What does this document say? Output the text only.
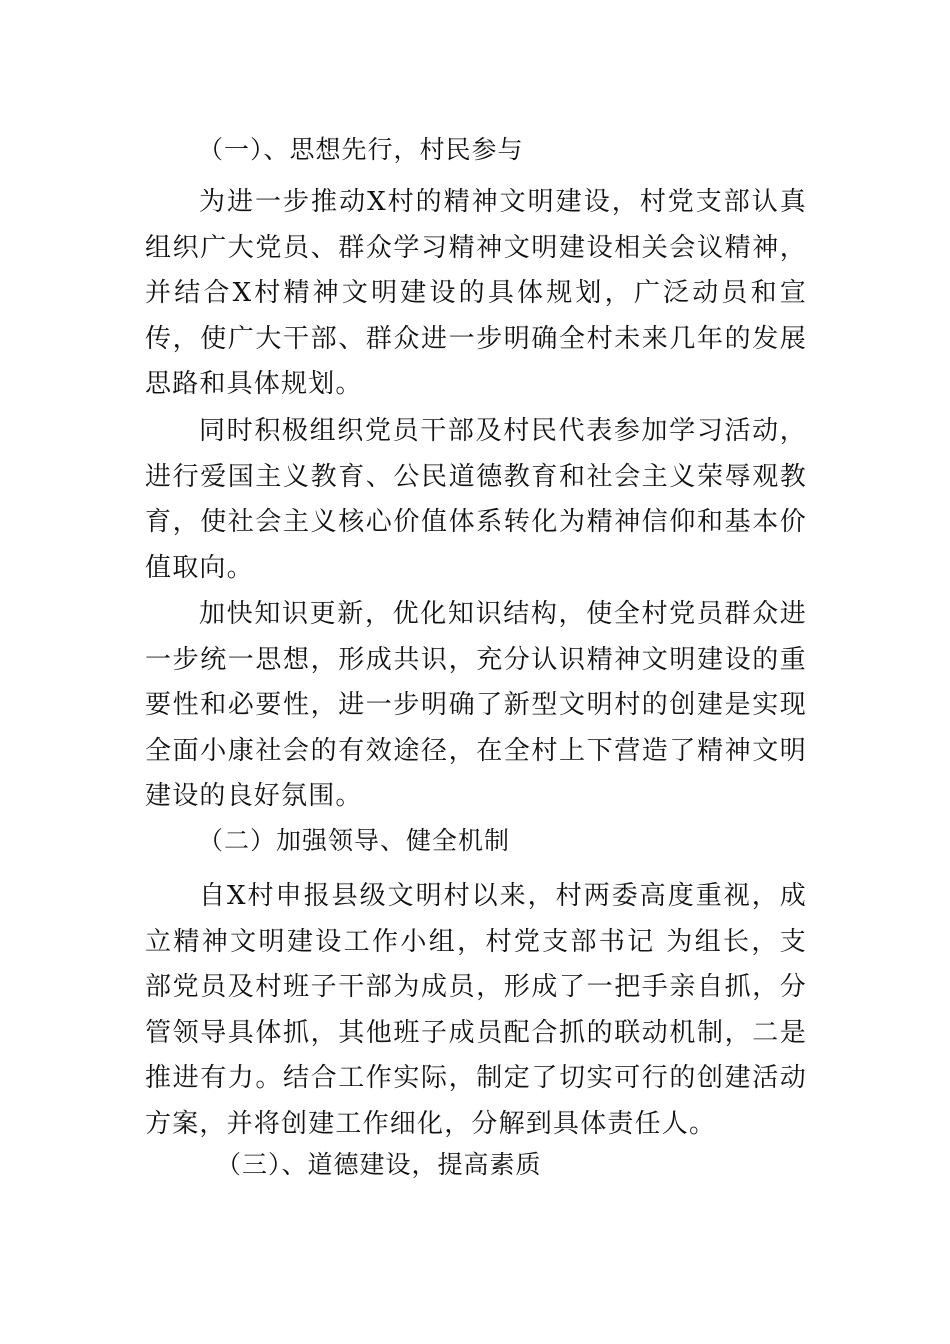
（一）、思想先行，村民参与
为进一步推动X村的精神文明建设，村党支部认真组织广大党员、群众学习精神文明建设相关会议精神，并结合X村精神文明建设的具体规划，广泛动员和宣传，使广大干部、群众进一步明确全村未来几年的发展思路和具体规划。
同时积极组织党员干部及村民代表参加学习活动，进行爱国主义教育、公民道德教育和社会主义荣辱观教育，使社会主义核心价值体系转化为精神信仰和基本价值取向。
加快知识更新，优化知识结构，使全村党员群众进一步统一思想，形成共识，充分认识精神文明建设的重要性和必要性，进一步明确了新型文明村的创建是实现全面小康社会的有效途径，在全村上下营造了精神文明建设的良好氛围。
（二）加强领导、健全机制
自X村申报县级文明村以来，村两委高度重视，成立精神文明建设工作小组，村党支部书记 为组长，支部党员及村班子干部为成员，形成了一把手亲自抓，分管领导具体抓，其他班子成员配合抓的联动机制，二是推进有力。结合工作实际，制定了切实可行的创建活动方案，并将创建工作细化，分解到具体责任人。
（三）、道德建设，提高素质
